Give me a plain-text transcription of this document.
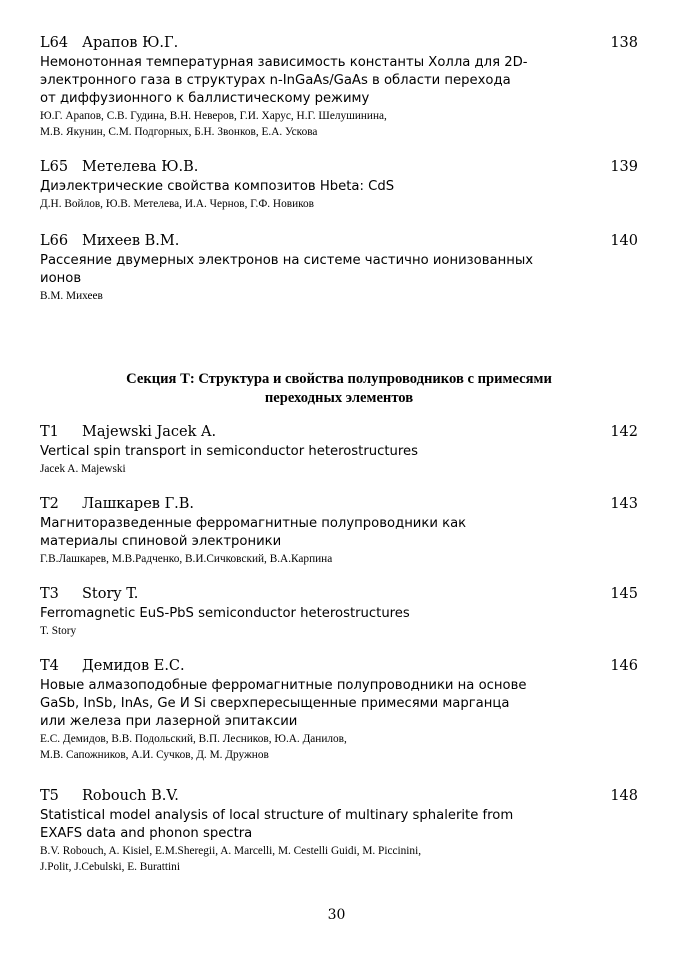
L64 Арапов Ю.Г.	138
Немонотонная температурная зависимость константы Холла для 2D-
электронного газа в структурах n-InGaAs/GaAs в области перехода
от диффузионного к баллистическому режиму
Ю.Г. Арапов, С.В. Гудина, В.Н. Неверов, Г.И. Харус, Н.Г. Шелушинина,
М.В. Якунин, С.М. Подгорных, Б.Н. Звонков, Е.А. Ускова
L65 Метелева Ю.В.	139
Диэлектрические свойства композитов Hbeta: CdS
Д.Н. Войлов, Ю.В. Метелева, И.А. Чернов, Г.Ф. Новиков
L66 Михеев В.М.	140
Рассеяние двумерных электронов на системе частично ионизованных
ионов
В.М. Михеев
Секция Т: Структура и свойства полупроводников с примесями
переходных элементов
T1 Majewski Jacek A.	142
Vertical spin transport in semiconductor heterostructures
Jacek A. Majewski
T2 Лашкарев Г.В.	143
Магниторазведенные ферромагнитные полупроводники как
материалы спиновой электроники
Г.В.Лашкарев, М.В.Радченко, В.И.Сичковский, В.А.Карпина
T3 Story T.	145
Ferromagnetic EuS-PbS semiconductor heterostructures
T. Story
T4 Демидов Е.С.	146
Новые алмазоподобные ферромагнитные полупроводники на основе
GaSb, InSb, InAs, Ge И Si сверхпересыщенные примесями марганца
или железа при лазерной эпитаксии
Е.С. Демидов, В.В. Подольский, В.П. Лесников, Ю.А. Данилов,
М.В. Сапожников, А.И. Сучков, Д. М. Дружнов
T5 Robouch B.V.	148
Statistical model analysis of local structure of multinary sphalerite from
EXAFS data and phonon spectra
B.V. Robouch, A. Kisiel, E.M.Sheregii, A. Marcelli, M. Cestelli Guidi, M. Piccinini,
J.Polit, J.Cebulski, E. Burattini
30
